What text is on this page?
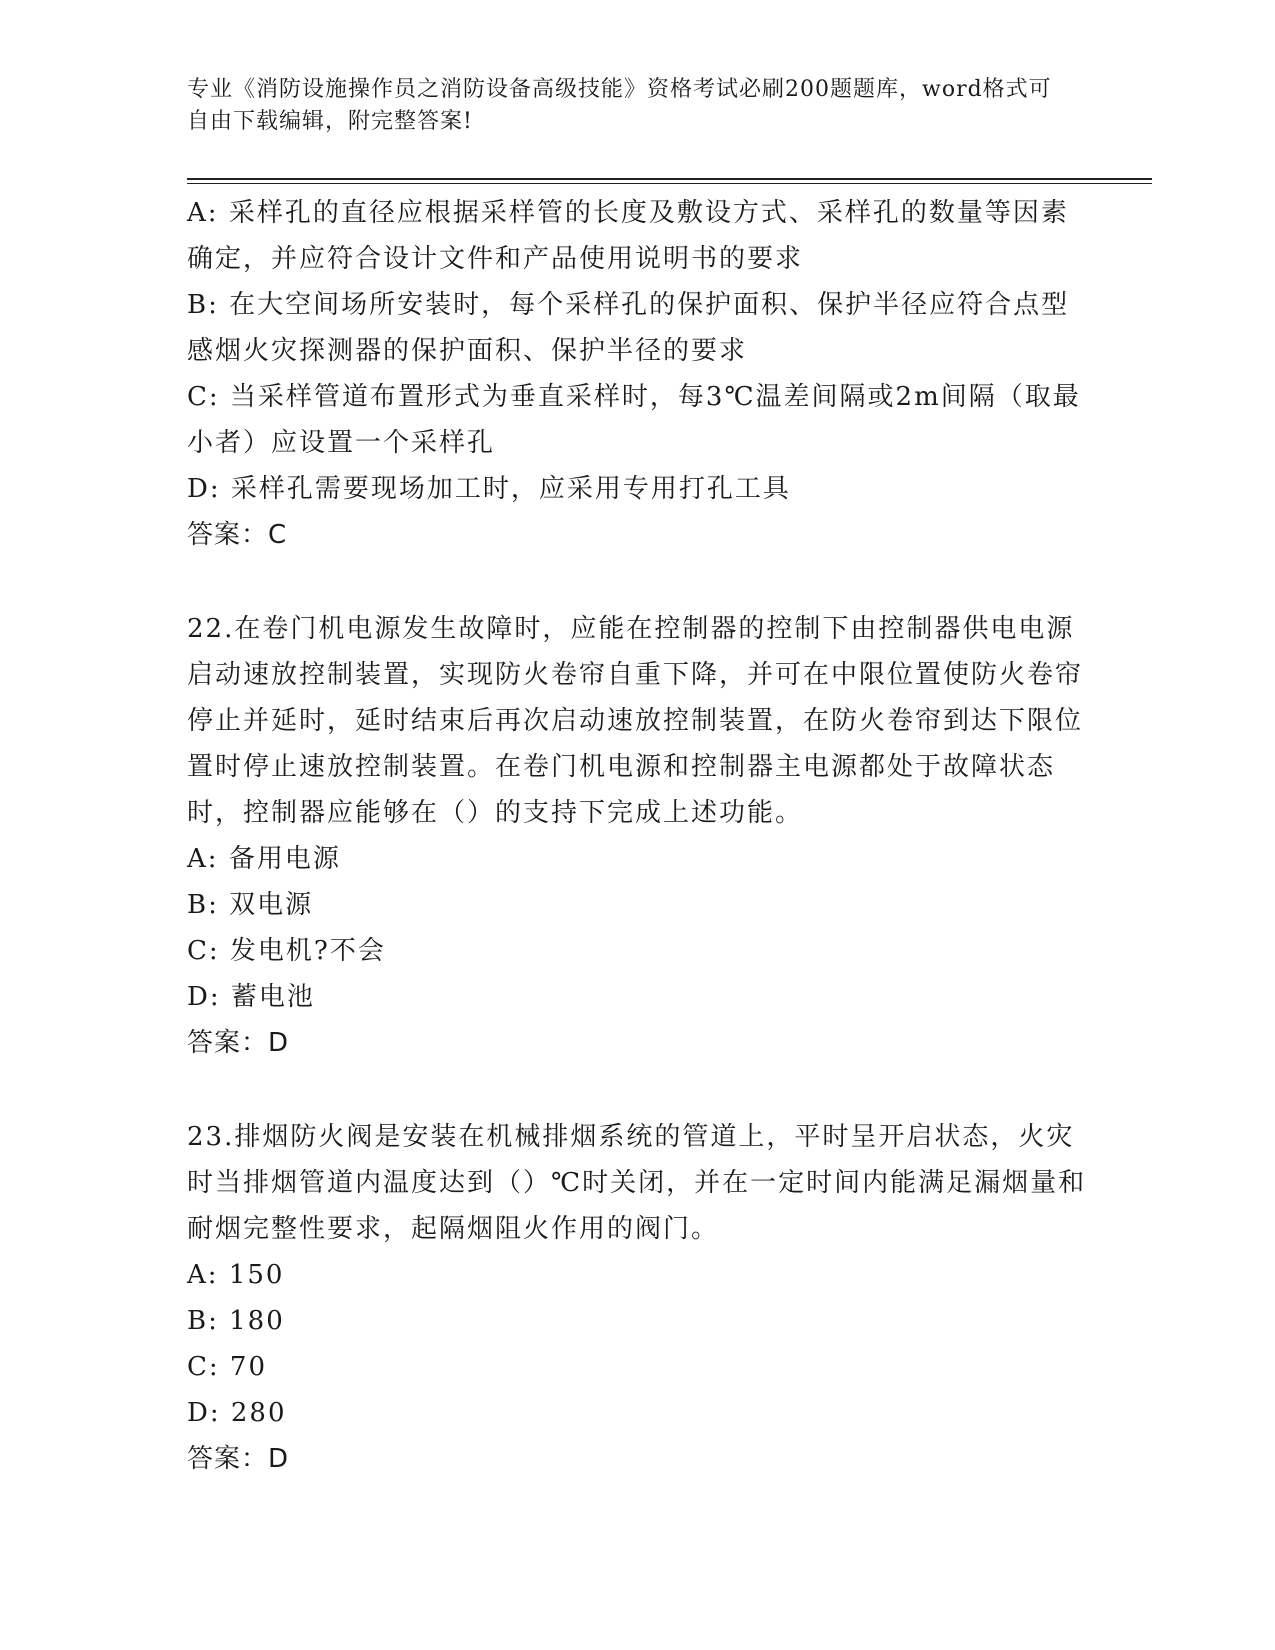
专业《消防设施操作员之消防设备高级技能》资格考试必刷200题题库，word格式可自由下载编辑，附完整答案!

A: 采样孔的直径应根据采样管的长度及敷设方式、采样孔的数量等因素确定，并应符合设计文件和产品使用说明书的要求

B: 在大空间场所安装时，每个采样孔的保护面积、保护半径应符合点型感烟火灾探测器的保护面积、保护半径的要求

C: 当采样管道布置形式为垂直采样时，每3℃温差间隔或2m间隔（取最小者）应设置一个采样孔

D: 采样孔需要现场加工时，应采用专用打孔工具

答案：C

22.在卷门机电源发生故障时，应能在控制器的控制下由控制器供电电源启动速放控制装置，实现防火卷帘自重下降，并可在中限位置使防火卷帘停止并延时，延时结束后再次启动速放控制装置，在防火卷帘到达下限位置时停止速放控制装置。在卷门机电源和控制器主电源都处于故障状态时，控制器应能够在（）的支持下完成上述功能。

A: 备用电源

B: 双电源

C: 发电机?不会

D: 蓄电池

答案：D

23.排烟防火阀是安装在机械排烟系统的管道上，平时呈开启状态，火灾时当排烟管道内温度达到（）℃时关闭，并在一定时间内能满足漏烟量和耐烟完整性要求，起隔烟阻火作用的阀门。

A: 150

B: 180

C: 70

D: 280

答案：D
